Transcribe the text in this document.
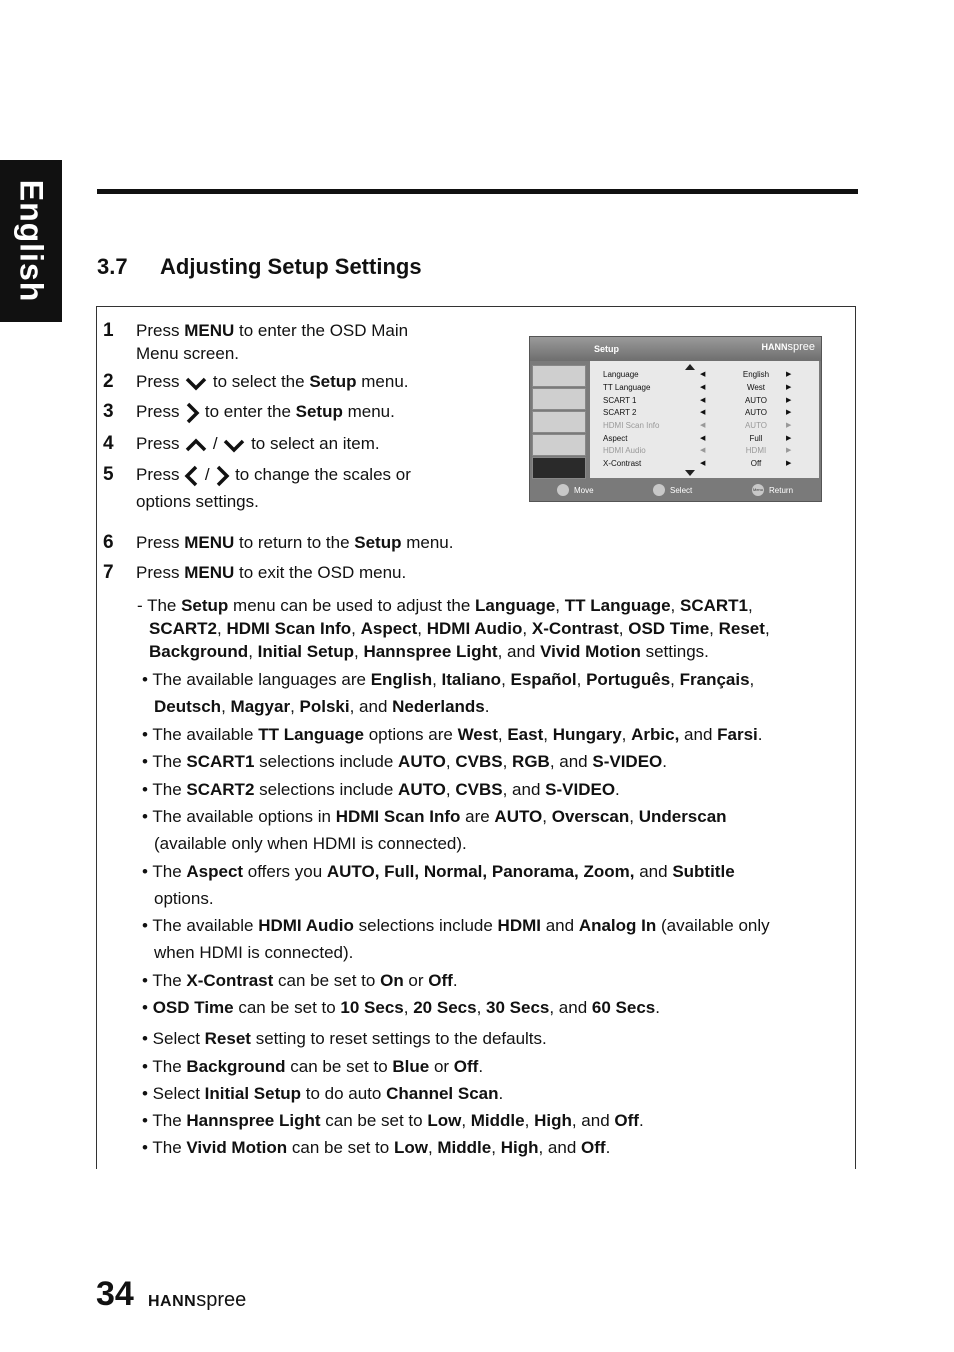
English 3.7 Adjusting Setup Settings
1 Press MENU to enter the OSD Main
Menu screen.
2 Press
to select the Setup menu.
3 Press
to enter the Setup menu.
4 Press
/
to select an item.
5 Press
/
to change the scales or
options settings.
6 Press MENU to return to the Setup menu.
7 Press MENU to exit the OSD menu.
Setup	HANNspree
Language	◀	English	▶
TT Language	◀	West	▶
SCART 1	◀	AUTO	▶
SCART 2	◀	AUTO	▶
HDMI Scan Info	◀	AUTO	▶
Aspect	◀	Full	▶
HDMI Audio	◀	HDMI	▶
X-Contrast	◀	Off	▶
Move	Select	Menu Return
- The Setup menu can be used to adjust the Language, TT Language, SCART1,
SCART2, HDMI Scan Info, Aspect, HDMI Audio, X-Contrast, OSD Time, Reset,
Background, Initial Setup, Hannspree Light, and Vivid Motion settings.
• The available languages are English, Italiano, Español, Português, Français,
Deutsch, Magyar, Polski, and Nederlands.
• The available TT Language options are West, East, Hungary, Arbic, and Farsi.
• The SCART1 selections include AUTO, CVBS, RGB, and S-VIDEO.
• The SCART2 selections include AUTO, CVBS, and S-VIDEO.
• The available options in HDMI Scan Info are AUTO, Overscan, Underscan
(available only when HDMI is connected).
• The Aspect offers you AUTO, Full, Normal, Panorama, Zoom, and Subtitle
options.
• The available HDMI Audio selections include HDMI and Analog In (available only
when HDMI is connected).
• The X-Contrast can be set to On or Off.
• OSD Time can be set to 10 Secs, 20 Secs, 30 Secs, and 60 Secs.
• Select Reset setting to reset settings to the defaults.
• The Background can be set to Blue or Off.
• Select Initial Setup to do auto Channel Scan.
• The Hannspree Light can be set to Low, Middle, High, and Off.
• The Vivid Motion can be set to Low, Middle, High, and Off.
34 HANNspree
